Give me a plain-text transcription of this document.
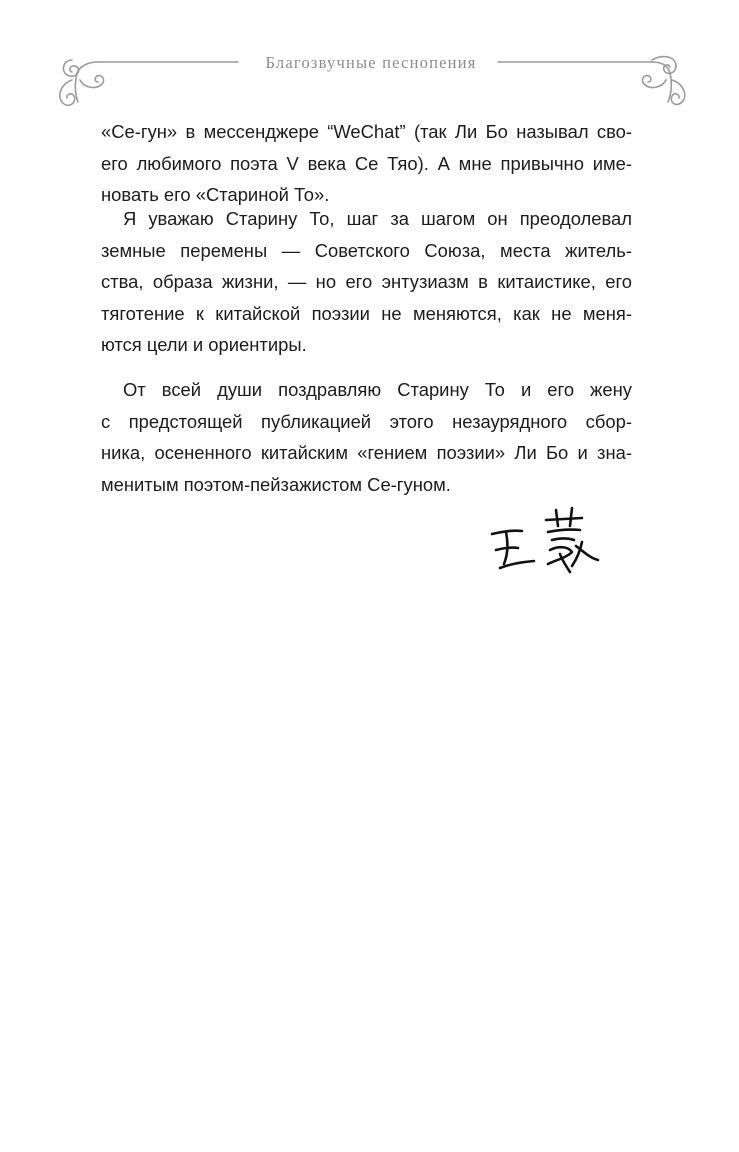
Благозвучные песнопения
«Се-гун» в мессенджере “WeChat” (так Ли Бо называл сво-
его любимого поэта V века Се Тяо). А мне привычно име-
новать его «Стариной То».
Я уважаю Старину То, шаг за шагом он преодолевал
земные перемены — Советского Союза, места житель-
ства, образа жизни, — но его энтузиазм в китаистике, его
тяготение к китайской поэзии не меняются, как не меня-
ются цели и ориентиры.
От всей души поздравляю Старину То и его жену
с предстоящей публикацией этого незаурядного сбор-
ника, осененного китайским «гением поэзии» Ли Бо и зна-
менитым поэтом-пейзажистом Се-гуном.
